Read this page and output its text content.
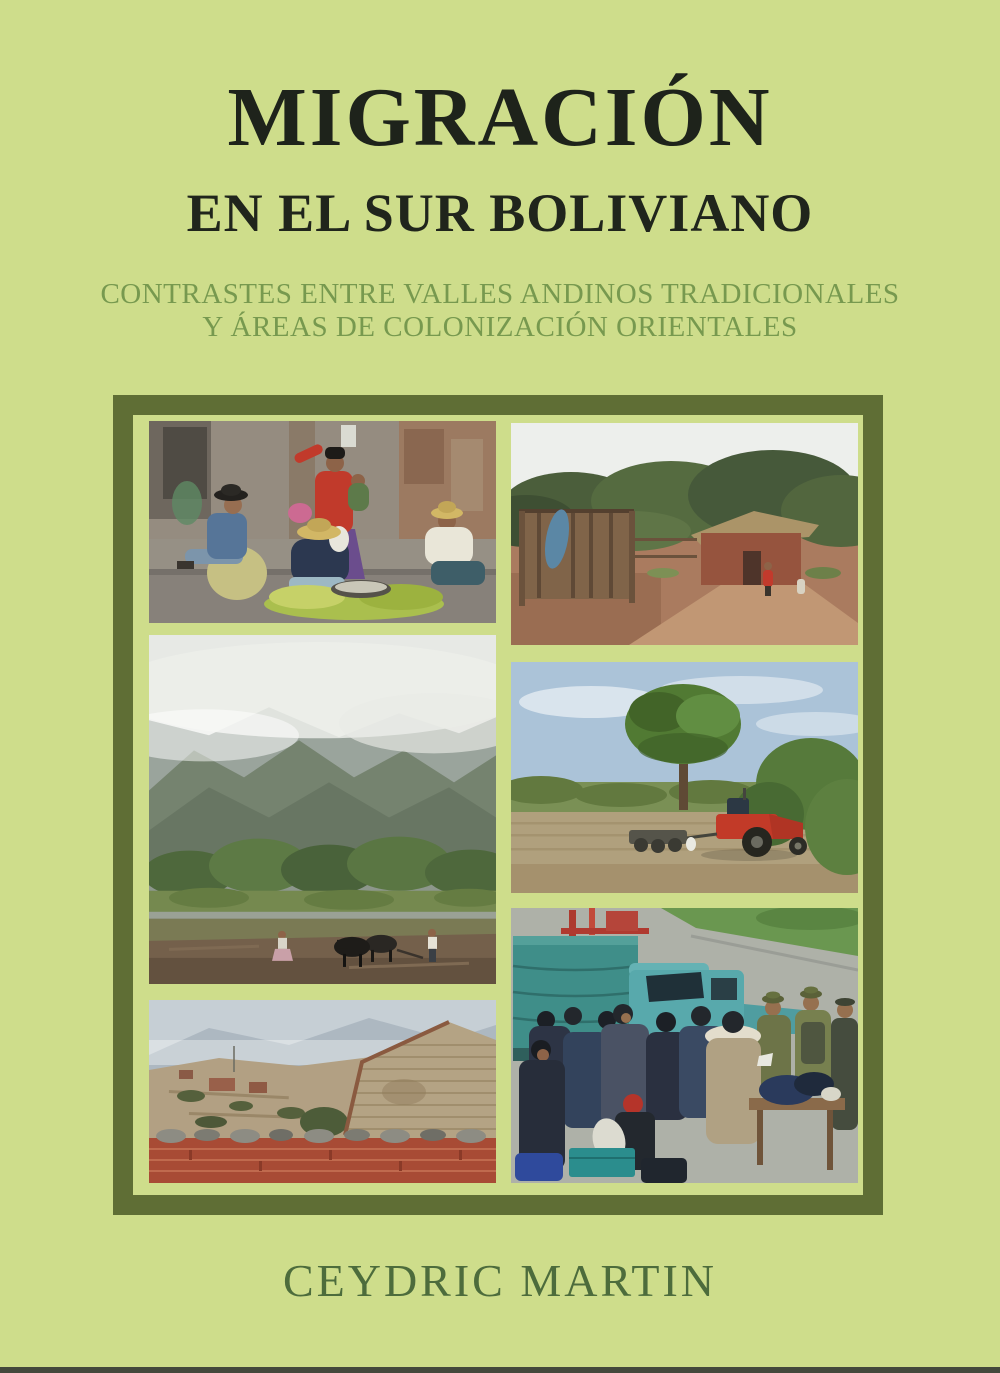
MIGRACIÓN
EN EL SUR BOLIVIANO

CONTRASTES ENTRE VALLES ANDINOS TRADICIONALES
Y ÁREAS DE COLONIZACIÓN ORIENTALES

CEYDRIC MARTIN
